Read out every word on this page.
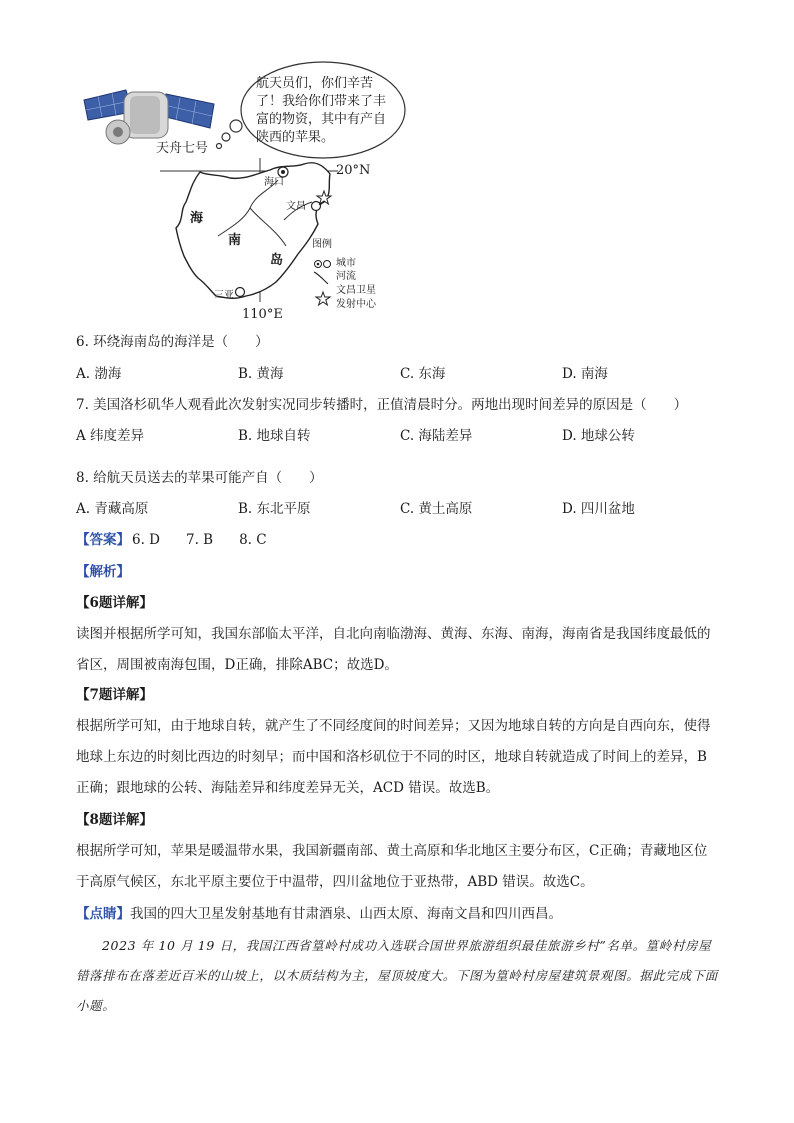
航天员们，你们辛苦了！我给你们带来了丰富的物资，其中有产自陕西的苹果。
天舟七号
20°N
110°E
海
南
岛
海口
文昌
三亚
图例
城市
河流
文昌卫星
发射中心
6. 环绕海南岛的海洋是（　　）
A. 渤海	B. 黄海	C. 东海	D. 南海
7. 美国洛杉矶华人观看此次发射实况同步转播时，正值清晨时分。两地出现时间差异的原因是（　　）
A 纬度差异	B. 地球自转	C. 海陆差异	D. 地球公转
8. 给航天员送去的苹果可能产自（　　）
A. 青藏高原	B. 东北平原	C. 黄土高原	D. 四川盆地
【答案】 6. D 7. B 8. C
【解析】
【6题详解】
读图并根据所学可知，我国东部临太平洋，自北向南临渤海、黄海、东海、南海，海南省是我国纬度最低的省区，周围被南海包围，D正确，排除ABC；故选D。
【7题详解】
根据所学可知，由于地球自转，就产生了不同经度间的时间差异；又因为地球自转的方向是自西向东，使得地球上东边的时刻比西边的时刻早；而中国和洛杉矶位于不同的时区，地球自转就造成了时间上的差异，B正确；跟地球的公转、海陆差异和纬度差异无关，ACD 错误。故选B。
【8题详解】
根据所学可知，苹果是暖温带水果，我国新疆南部、黄土高原和华北地区主要分布区，C正确；青藏地区位于高原气候区，东北平原主要位于中温带，四川盆地位于亚热带，ABD 错误。故选C。
【点睛】我国的四大卫星发射基地有甘肃酒泉、山西太原、海南文昌和四川西昌。
2023 年 10 月 19 日，我国江西省篁岭村成功入选联合国世界旅游组织最佳旅游乡村”名单。篁岭村房屋错落排布在落差近百米的山坡上，以木质结构为主，屋顶坡度大。下图为篁岭村房屋建筑景观图。据此完成下面小题。
